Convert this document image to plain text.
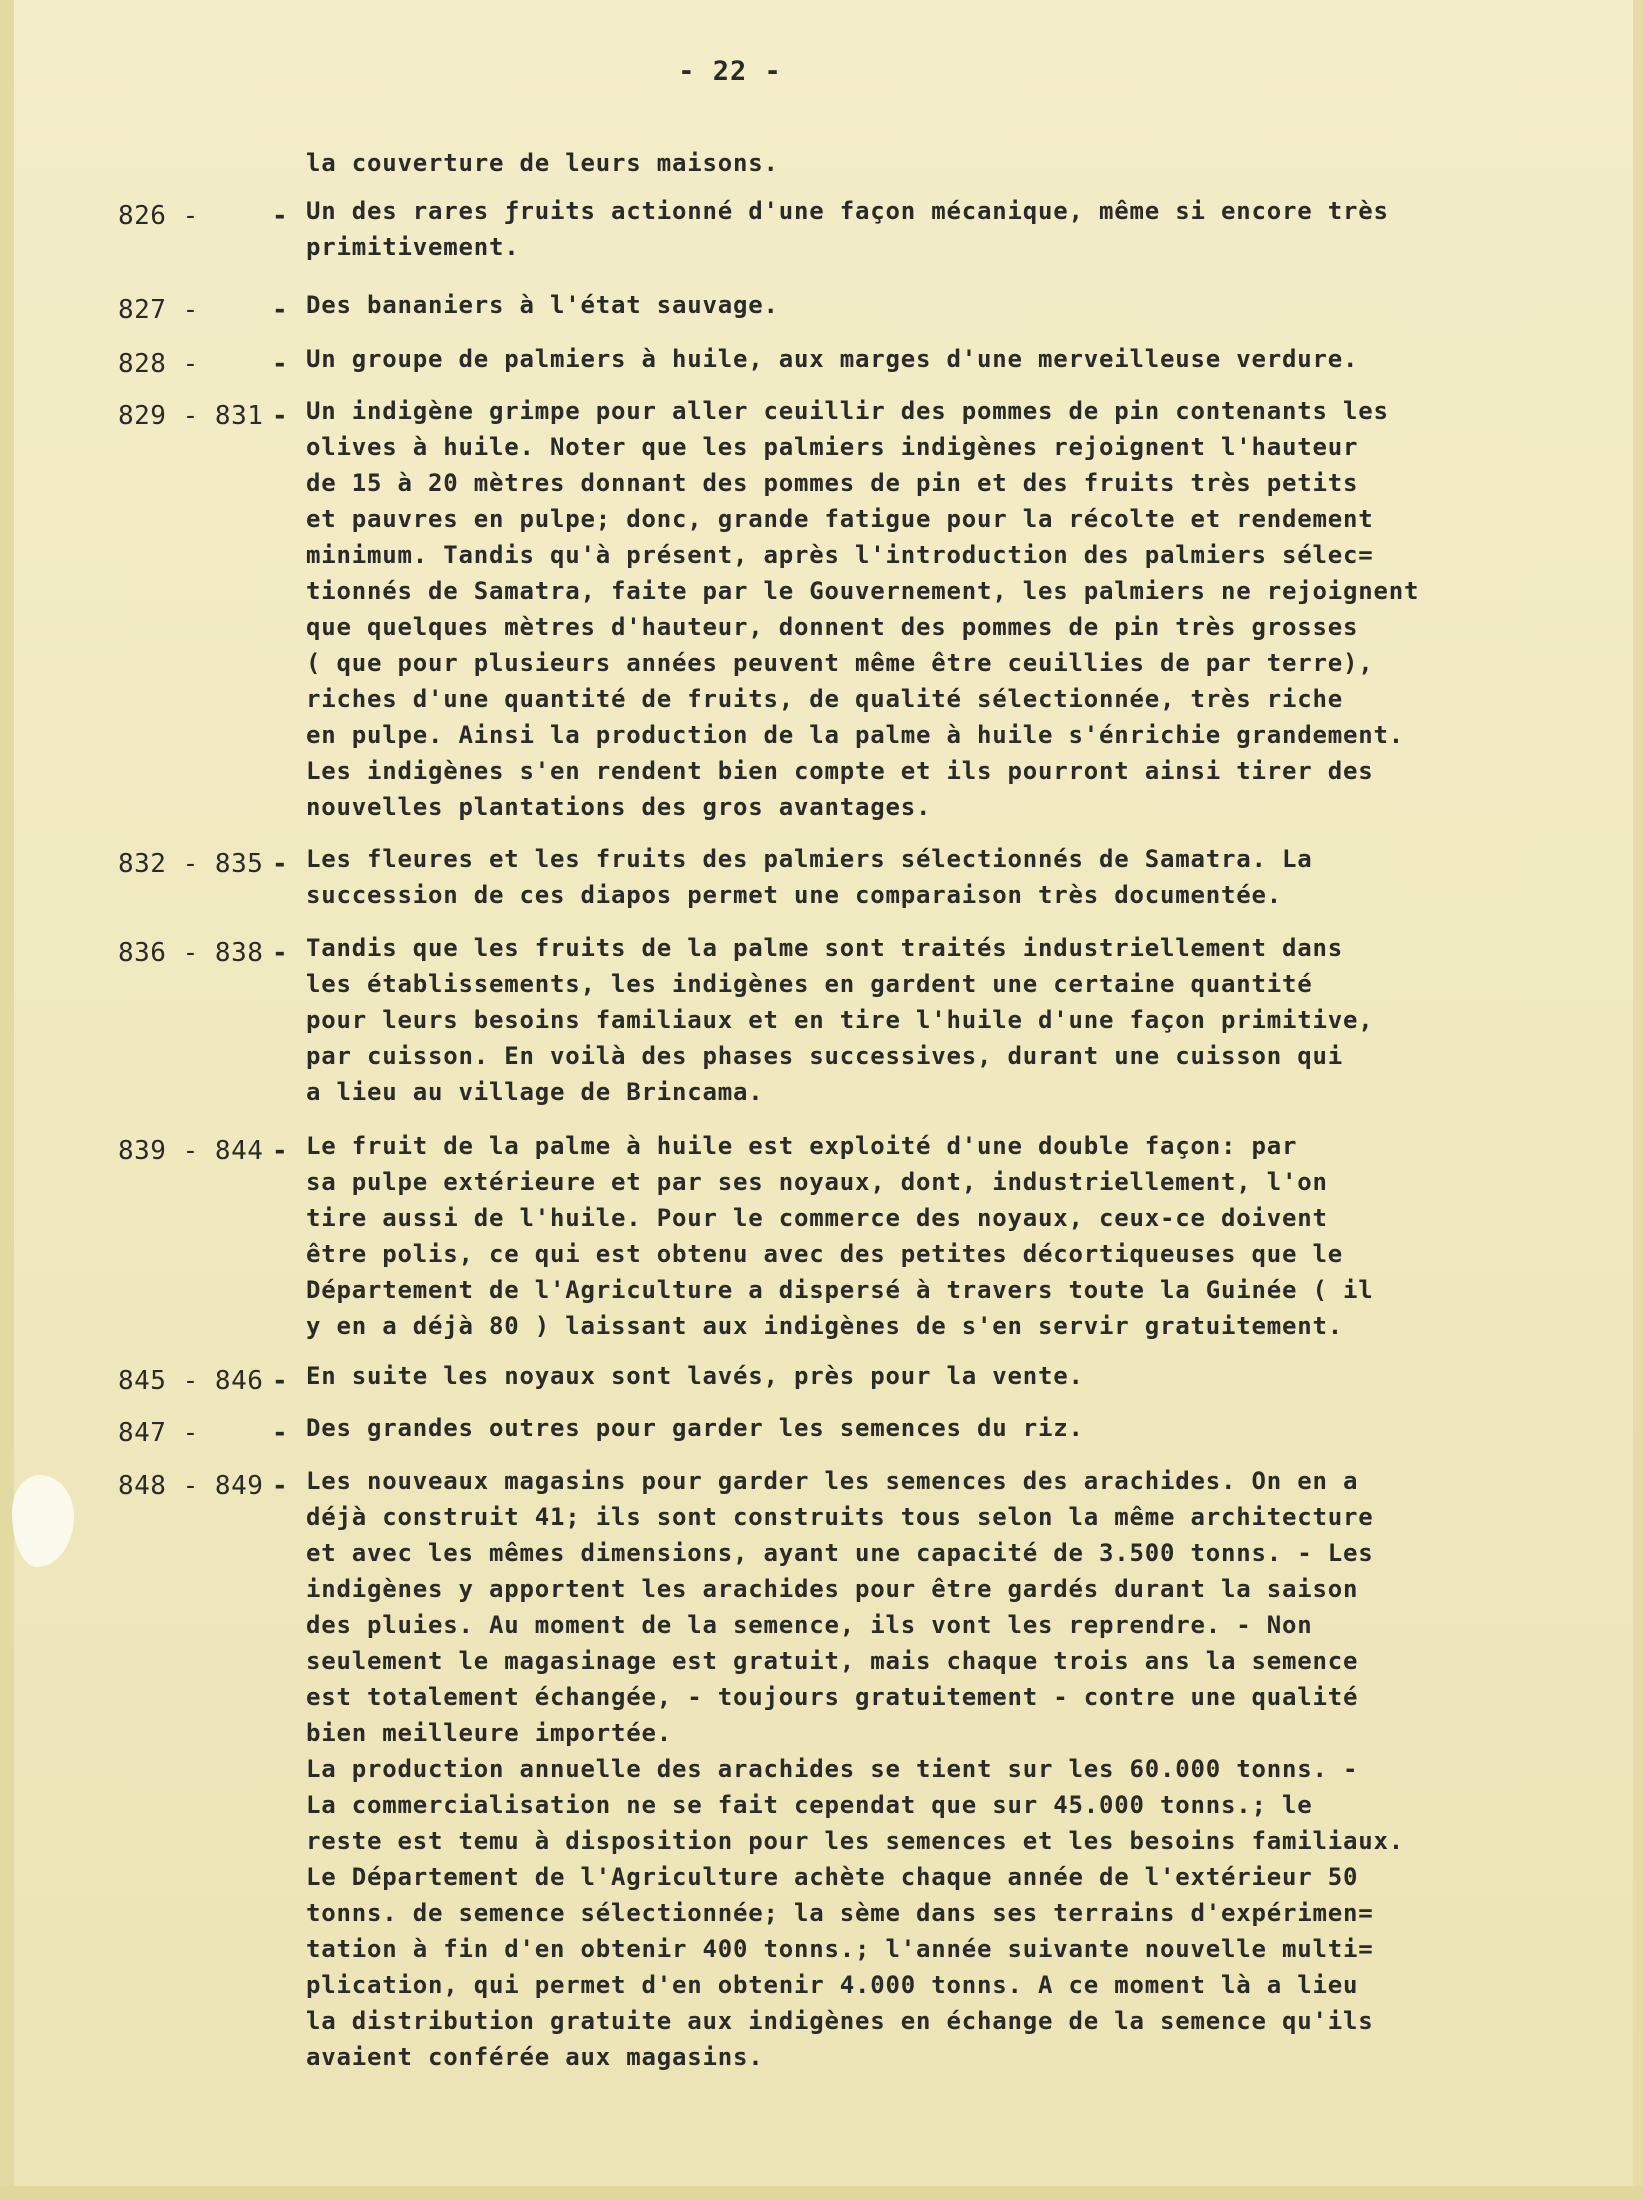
- 22 -
la couverture de leurs maisons.
826 -	- Un des rares ƒruits actionné d'une façon mécanique, même si encore très
primitivement.
827 -	- Des bananiers à l'état sauvage.
828 -	- Un groupe de palmiers à huile, aux marges d'une merveilleuse verdure.
829 - 831 - Un indigène grimpe pour aller ceuillir des pommes de pin contenants les
olives à huile. Noter que les palmiers indigènes rejoignent l'hauteur
de 15 à 20 mètres donnant des pommes de pin et des fruits très petits
et pauvres en pulpe; donc, grande fatigue pour la récolte et rendement
minimum. Tandis qu'à présent, après l'introduction des palmiers sélec=
tionnés de Samatra, faite par le Gouvernement, les palmiers ne rejoignent
que quelques mètres d'hauteur, donnent des pommes de pin très grosses
( que pour plusieurs années peuvent même être ceuillies de par terre),
riches d'une quantité de fruits, de qualité sélectionnée, très riche
en pulpe. Ainsi la production de la palme à huile s'énrichie grandement.
Les indigènes s'en rendent bien compte et ils pourront ainsi tirer des
nouvelles plantations des gros avantages.
832 - 835 - Les fleures et les fruits des palmiers sélectionnés de Samatra. La
succession de ces diapos permet une comparaison très documentée.
836 - 838 - Tandis que les fruits de la palme sont traités industriellement dans
les établissements, les indigènes en gardent une certaine quantité
pour leurs besoins familiaux et en tire l'huile d'une façon primitive,
par cuisson. En voilà des phases successives, durant une cuisson qui
a lieu au village de Brincama.
839 - 844 - Le fruit de la palme à huile est exploité d'une double façon: par
sa pulpe extérieure et par ses noyaux, dont, industriellement, l'on
tire aussi de l'huile. Pour le commerce des noyaux, ceux-ce doivent
être polis, ce qui est obtenu avec des petites décortiqueuses que le
Département de l'Agriculture a dispersé à travers toute la Guinée ( il
y en a déjà 80 ) laissant aux indigènes de s'en servir gratuitement.
845 - 846 - En suite les noyaux sont lavés, près pour la vente.
847 -	- Des grandes outres pour garder les semences du riz.
848 - 849 - Les nouveaux magasins pour garder les semences des arachides. On en a
déjà construit 41; ils sont construits tous selon la même architecture
et avec les mêmes dimensions, ayant une capacité de 3.500 tonns. - Les
indigènes y apportent les arachides pour être gardés durant la saison
des pluies. Au moment de la semence, ils vont les reprendre. - Non
seulement le magasinage est gratuit, mais chaque trois ans la semence
est totalement échangée, - toujours gratuitement - contre une qualité
bien meilleure importée.
La production annuelle des arachides se tient sur les 60.000 tonns. -
La commercialisation ne se fait cependat que sur 45.000 tonns.; le
reste est temu à disposition pour les semences et les besoins familiaux.
Le Département de l'Agriculture achète chaque année de l'extérieur 50
tonns. de semence sélectionnée; la sème dans ses terrains d'expérimen=
tation à fin d'en obtenir 400 tonns.; l'année suivante nouvelle multi=
plication, qui permet d'en obtenir 4.000 tonns. A ce moment là a lieu
la distribution gratuite aux indigènes en échange de la semence qu'ils
avaient conférée aux magasins.
